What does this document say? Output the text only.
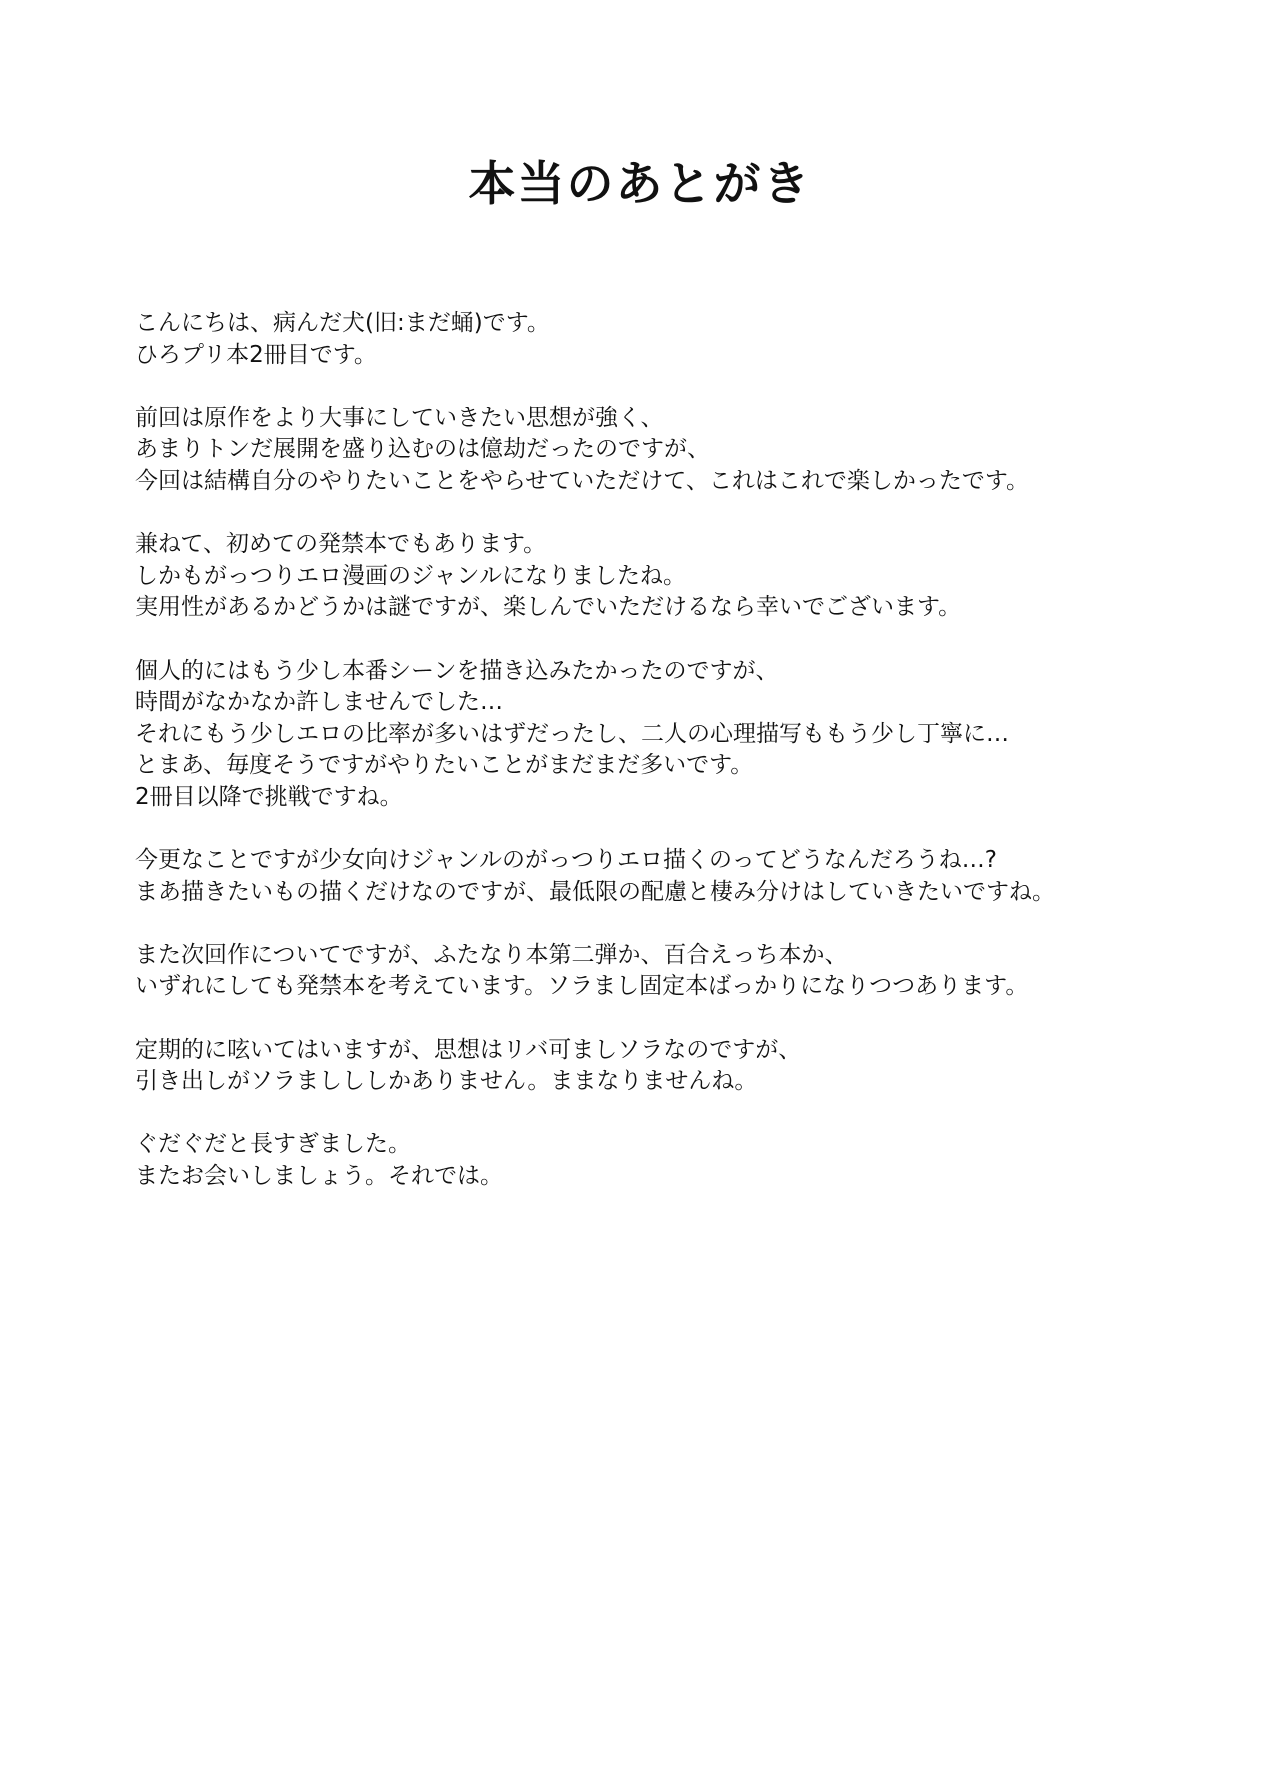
本当のあとがき

こんにちは、病んだ犬(旧:まだ蛹)です。
ひろプリ本2冊目です。

前回は原作をより大事にしていきたい思想が強く、
あまりトンだ展開を盛り込むのは億劫だったのですが、
今回は結構自分のやりたいことをやらせていただけて、これはこれで楽しかったです。

兼ねて、初めての発禁本でもあります。
しかもがっつりエロ漫画のジャンルになりましたね。
実用性があるかどうかは謎ですが、楽しんでいただけるなら幸いでございます。

個人的にはもう少し本番シーンを描き込みたかったのですが、
時間がなかなか許しませんでした…
それにもう少しエロの比率が多いはずだったし、二人の心理描写ももう少し丁寧に…
とまあ、毎度そうですがやりたいことがまだまだ多いです。
2冊目以降で挑戦ですね。

今更なことですが少女向けジャンルのがっつりエロ描くのってどうなんだろうね…?
まあ描きたいもの描くだけなのですが、最低限の配慮と棲み分けはしていきたいですね。

また次回作についてですが、ふたなり本第二弾か、百合えっち本か、
いずれにしても発禁本を考えています。ソラまし固定本ばっかりになりつつあります。

定期的に呟いてはいますが、思想はリバ可ましソラなのですが、
引き出しがソラましししかありません。ままなりませんね。

ぐだぐだと長すぎました。
またお会いしましょう。それでは。
